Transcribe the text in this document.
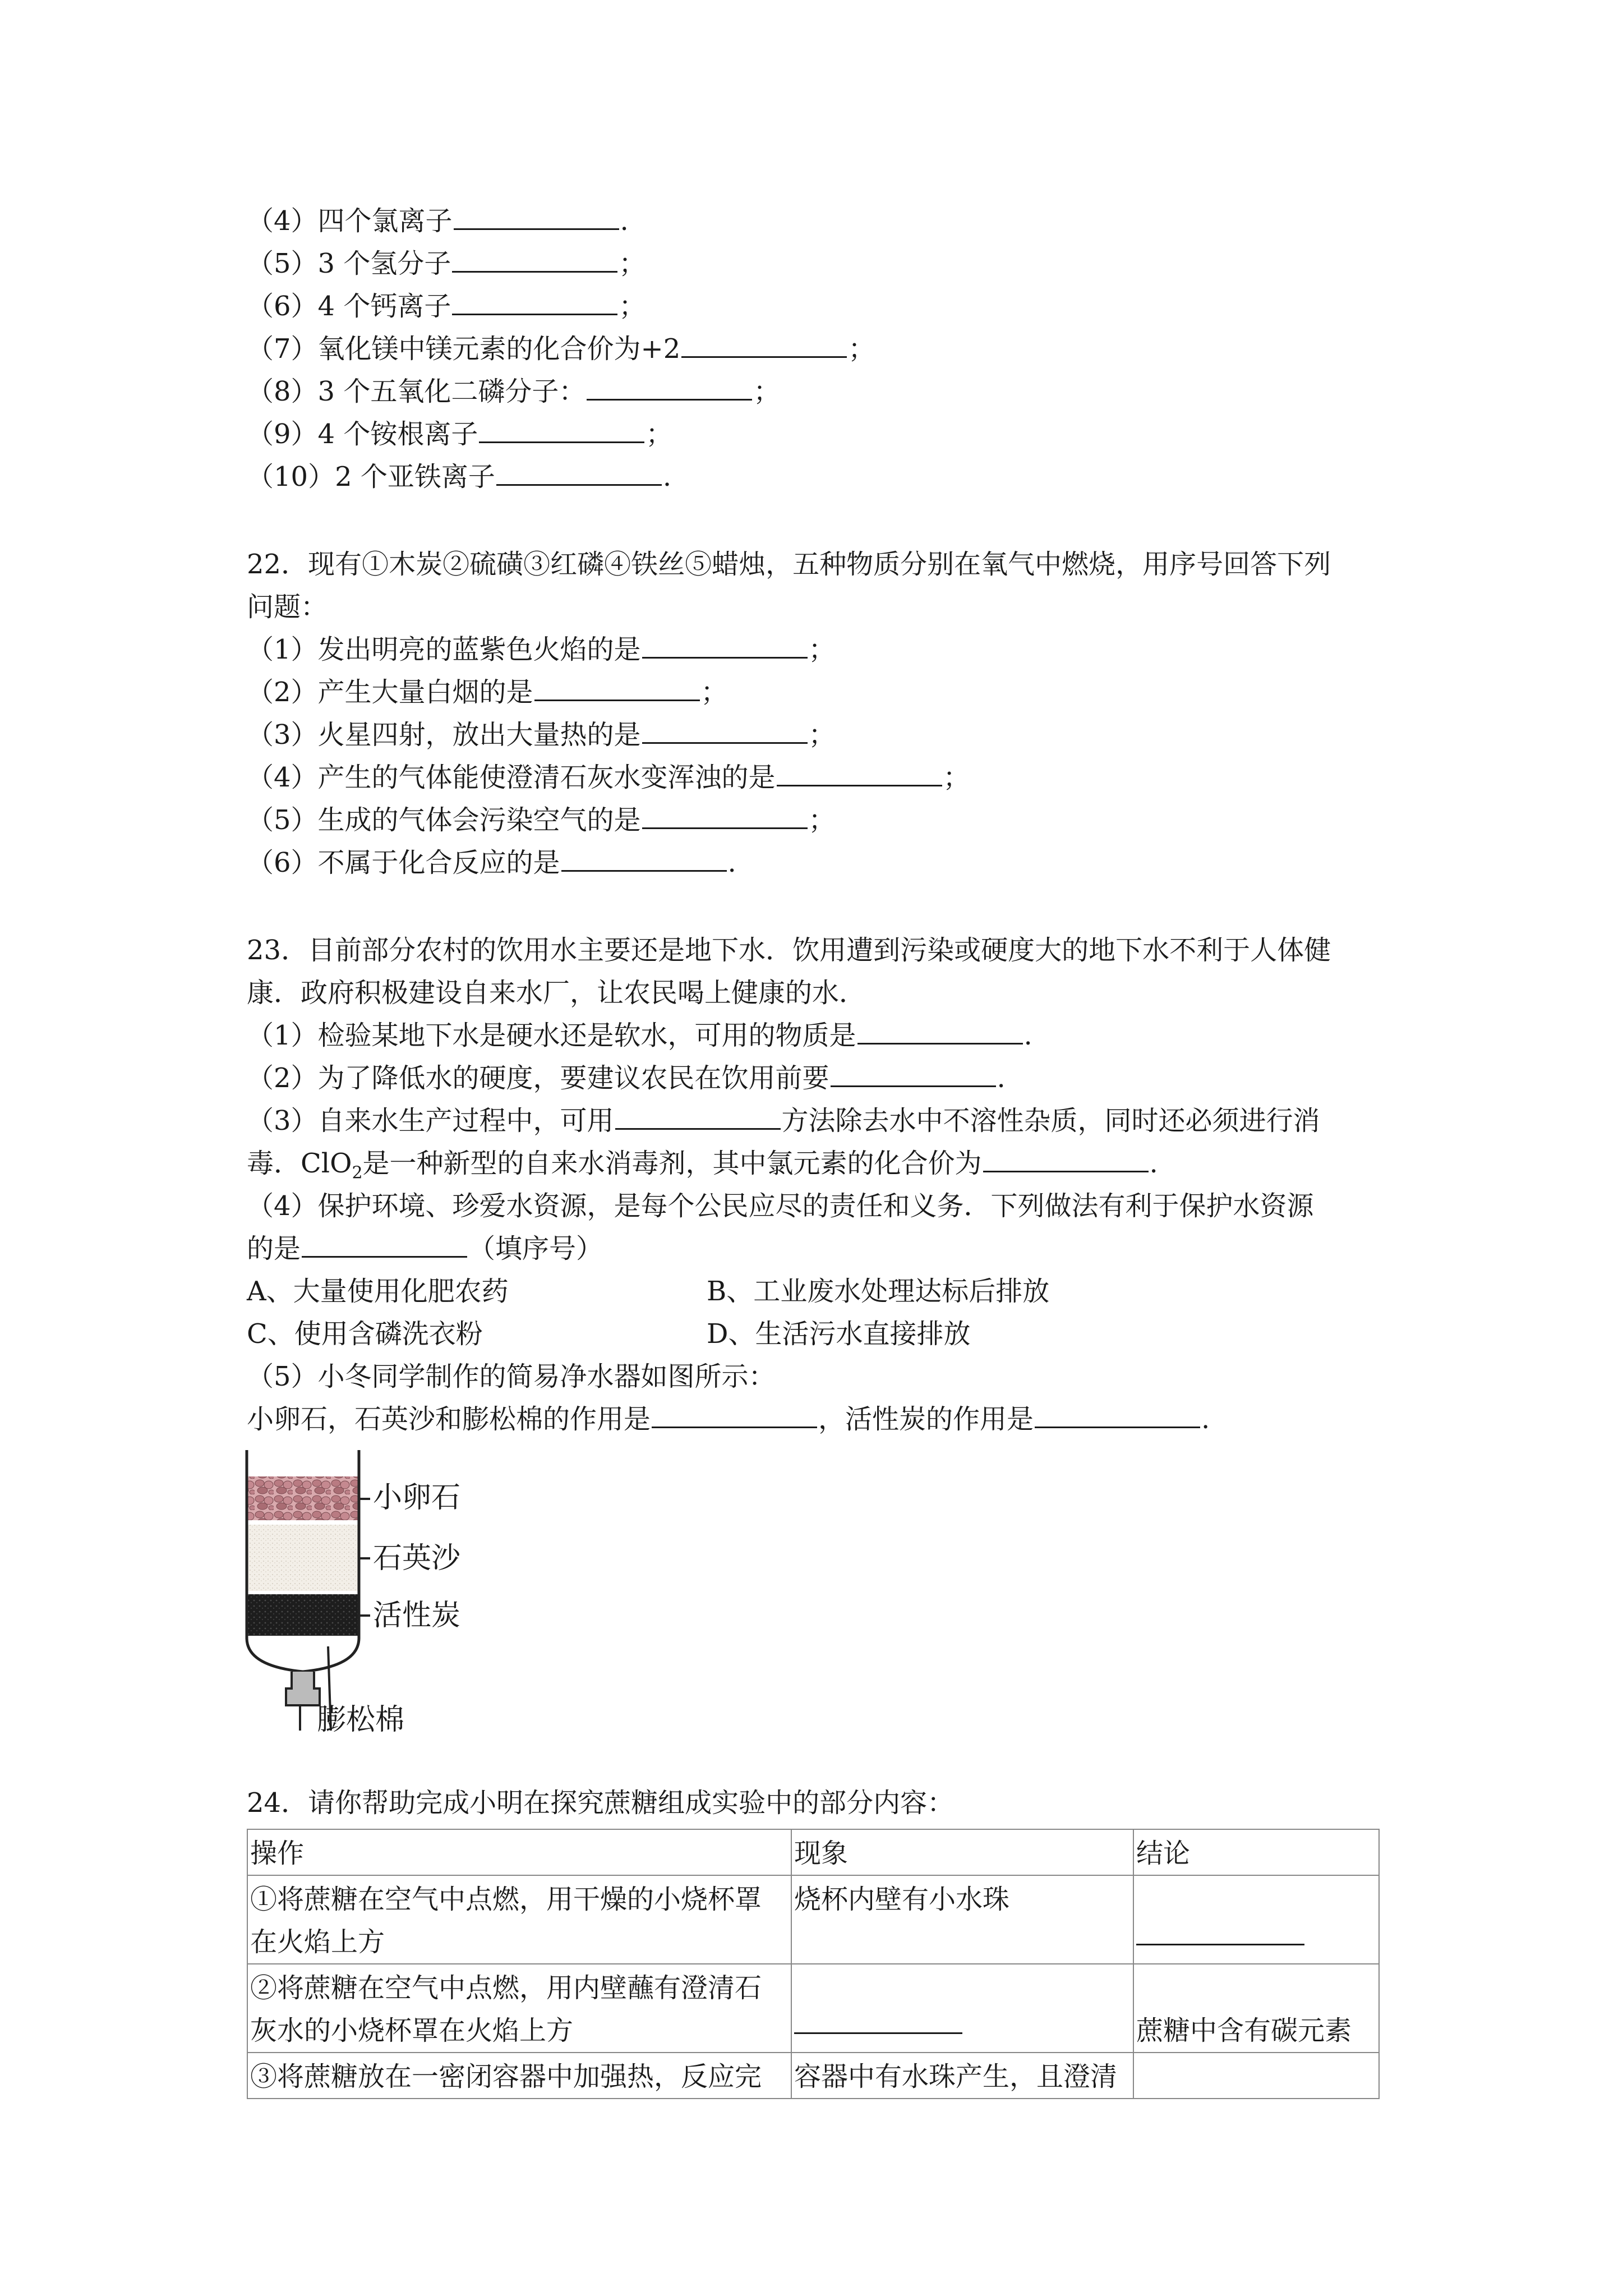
（4）四个氯离子	.
（5）3 个氢分子	；
（6）4 个钙离子	；
（7）氧化镁中镁元素的化合价为+2	；
（8）3 个五氧化二磷分子：	；
（9）4 个铵根离子	；
（10）2 个亚铁离子	.
22．现有①木炭②硫磺③红磷④铁丝⑤蜡烛，五种物质分别在氧气中燃烧，用序号回答下列
问题：
（1）发出明亮的蓝紫色火焰的是	；
（2）产生大量白烟的是	；
（3）火星四射，放出大量热的是	；
（4）产生的气体能使澄清石灰水变浑浊的是	；
（5）生成的气体会污染空气的是	；
（6）不属于化合反应的是	.
23．目前部分农村的饮用水主要还是地下水．饮用遭到污染或硬度大的地下水不利于人体健
康．政府积极建设自来水厂，让农民喝上健康的水．
（1）检验某地下水是硬水还是软水，可用的物质是	.
（2）为了降低水的硬度，要建议农民在饮用前要	.
（3）自来水生产过程中，可用	方法除去水中不溶性杂质，同时还必须进行消
毒．ClO$_2$是一种新型的自来水消毒剂，其中氯元素的化合价为	.
（4）保护环境、珍爱水资源，是每个公民应尽的责任和义务．下列做法有利于保护水资源
的是	（填序号）
A、大量使用化肥农药	B、工业废水处理达标后排放
C、使用含磷洗衣粉	D、生活污水直接排放
（5）小冬同学制作的简易净水器如图所示：
小卵石，石英沙和膨松棉的作用是	，活性炭的作用是	.
小卵石
石英沙
活性炭
膨松棉
24．请你帮助完成小明在探究蔗糖组成实验中的部分内容：
操作	现象	结论

①将蔗糖在空气中点燃，用干燥的小烧杯罩
在火焰上方	烧杯内壁有小水珠	

②将蔗糖在空气中点燃，用内壁蘸有澄清石
灰水的小烧杯罩在火焰上方		蔗糖中含有碳元素
③将蔗糖放在一密闭容器中加强热，反应完	容器中有水珠产生，且澄清	
